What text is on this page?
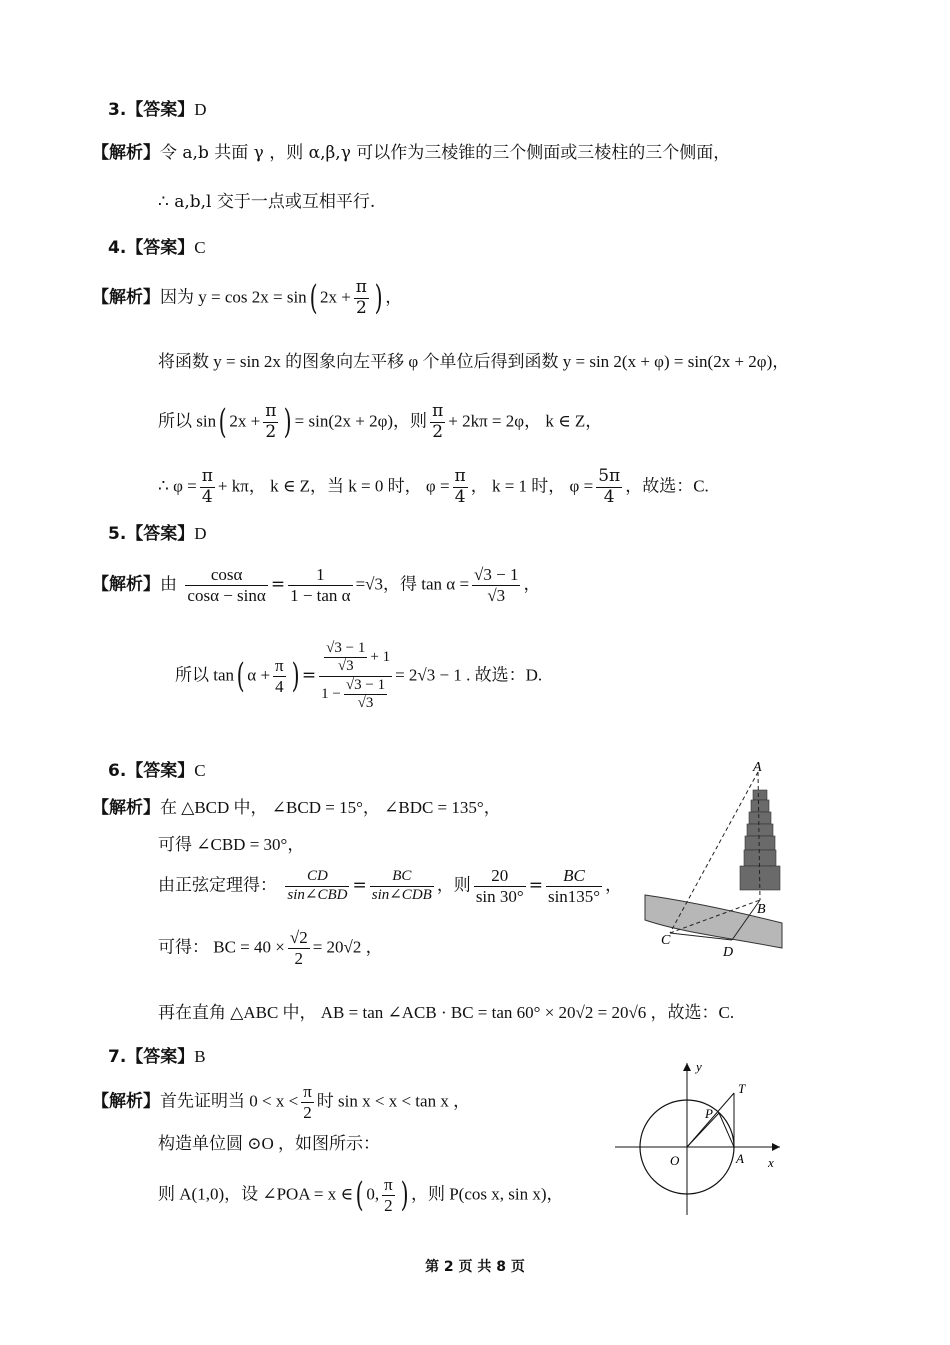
3.【答案】D
【解析】令 a,b 共面 γ ，则 α,β,γ 可以作为三棱锥的三个侧面或三棱柱的三个侧面，
∴ a,b,l 交于一点或互相平行.
4.【答案】C
【解析】因为 y = cos 2x = sin( $2x + \frac{\pi}{2}$ ) ，
将函数 y = sin 2x 的图象向左平移 φ 个单位后得到函数 y = sin 2(x + φ) = sin(2x + 2φ)，
所以 sin( $2x + \frac{\pi}{2}$ ) = sin(2x + 2φ)，则 $\frac{\pi}{2} + 2k\pi = 2\varphi$， k ∈ Z，
∴ $\varphi = \frac{\pi}{4} + k\pi$， k ∈ Z，当 k = 0 时， $\varphi = \frac{\pi}{4}$ ， k = 1 时， $\varphi = \frac{5\pi}{4}$ ，故选：C.
5.【答案】D
【解析】由 $\frac{\cos\alpha}{\cos\alpha - \sin\alpha} = \frac{1}{\text{1 − tan α}} =√3$，得 $\tan \alpha = \frac{√3 - 1}{√3}$ ，
所以 tan( $\alpha + \frac{\pi}{4}$ ) = $\frac{\frac{√3 - 1}{√3} + 1}{1 - \frac{√3 - 1}{√3}} = 2√3 - 1$ . 故选：D.
6.【答案】C
【解析】在 △BCD 中， ∠BCD = 15°， ∠BDC = 135°，
可得 ∠CBD = 30°，
由正弦定理得： $\frac{CD}{\text{sin∠CBD}} = \frac{BC}{\text{sin∠CDB}}$ ，则 $\frac{20}{\sin 30^\circ} = \frac{BC}{\sin 135^\circ}$ ，
可得： BC = $40 \times \frac{√2}{2} = 20√2$ ，
再在直角 △ABC 中， AB = tan ∠ACB · BC = tan 60° × 20√2 = 20√6 ，故选：C.
A
B
C
D
7.【答案】B
【解析】首先证明当 $0 < x < \frac{\pi}{2}$ 时 sin x < x < tan x ，
构造单位圆 ⊙O ，如图所示：
则 A(1,0)，设 ∠POA = x ∈( 0, $\frac{\pi}{2}$ ) ，则 P(cos x, sin x)，
y
x
O	A
P
T
第 2 页 共 8 页
